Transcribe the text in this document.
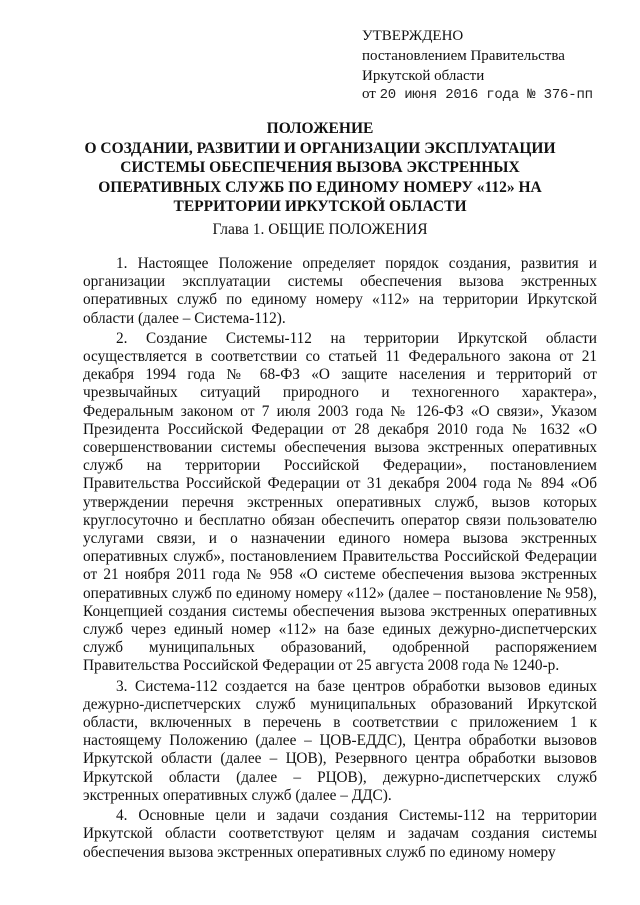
УТВЕРЖДЕНО
постановлением Правительства
Иркутской области
от 20 июня 2016 года № 376-пп
ПОЛОЖЕНИЕ
О СОЗДАНИИ, РАЗВИТИИ И ОРГАНИЗАЦИИ ЭКСПЛУАТАЦИИ
СИСТЕМЫ ОБЕСПЕЧЕНИЯ ВЫЗОВА ЭКСТРЕННЫХ
ОПЕРАТИВНЫХ СЛУЖБ ПО ЕДИНОМУ НОМЕРУ «112» НА
ТЕРРИТОРИИ ИРКУТСКОЙ ОБЛАСТИ
Глава 1. ОБЩИЕ ПОЛОЖЕНИЯ

1. Настоящее Положение определяет порядок создания, развития и организации эксплуатации системы обеспечения вызова экстренных оперативных служб по единому номеру «112» на территории Иркутской области (далее – Система-112).

2. Создание Системы-112 на территории Иркутской области осуществляется в соответствии со статьей 11 Федерального закона от 21 декабря 1994 года № 68-ФЗ «О защите населения и территорий от чрезвычайных ситуаций природного и техногенного характера», Федеральным законом от 7 июля 2003 года № 126-ФЗ «О связи», Указом Президента Российской Федерации от 28 декабря 2010 года № 1632 «О совершенствовании системы обеспечения вызова экстренных оперативных служб на территории Российской Федерации», постановлением Правительства Российской Федерации от 31 декабря 2004 года № 894 «Об утверждении перечня экстренных оперативных служб, вызов которых круглосуточно и бесплатно обязан обеспечить оператор связи пользователю услугами связи, и о назначении единого номера вызова экстренных оперативных служб», постановлением Правительства Российской Федерации от 21 ноября 2011 года № 958 «О системе обеспечения вызова экстренных оперативных служб по единому номеру «112» (далее – постановление № 958), Концепцией создания системы обеспечения вызова экстренных оперативных служб через единый номер «112» на базе единых дежурно-диспетчерских служб муниципальных образований, одобренной распоряжением Правительства Российской Федерации от 25 августа 2008 года № 1240-р.

3. Система-112 создается на базе центров обработки вызовов единых дежурно-диспетчерских служб муниципальных образований Иркутской области, включенных в перечень в соответствии с приложением 1 к настоящему Положению (далее – ЦОВ-ЕДДС), Центра обработки вызовов Иркутской области (далее – ЦОВ), Резервного центра обработки вызовов Иркутской области (далее – РЦОВ), дежурно-диспетчерских служб экстренных оперативных служб (далее – ДДС).

4. Основные цели и задачи создания Системы-112 на территории Иркутской области соответствуют целям и задачам создания системы обеспечения вызова экстренных оперативных служб по единому номеру
